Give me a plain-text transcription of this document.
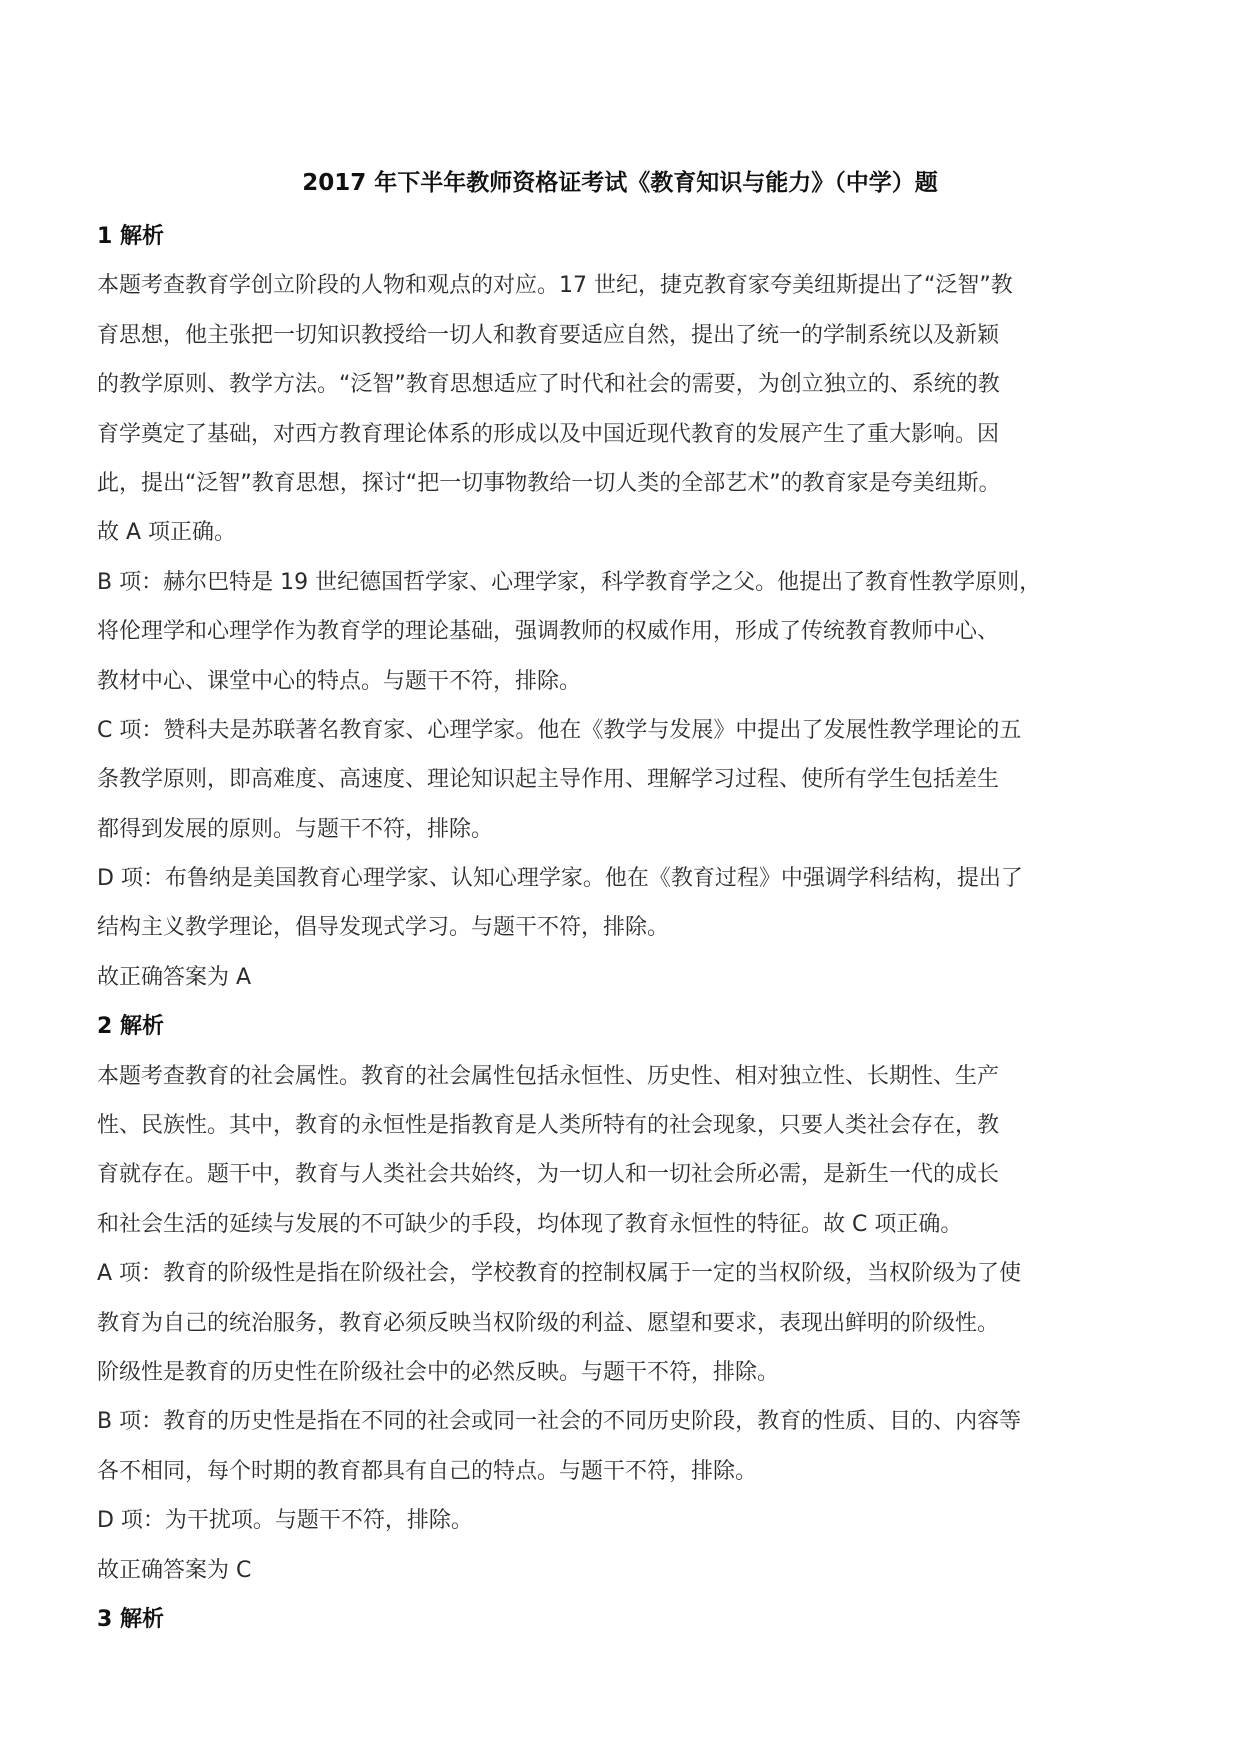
2017 年下半年教师资格证考试《教育知识与能力》（中学）题
1 解析
本题考查教育学创立阶段的人物和观点的对应。17 世纪，捷克教育家夸美纽斯提出了“泛智”教
育思想，他主张把一切知识教授给一切人和教育要适应自然，提出了统一的学制系统以及新颖
的教学原则、教学方法。“泛智”教育思想适应了时代和社会的需要，为创立独立的、系统的教
育学奠定了基础，对西方教育理论体系的形成以及中国近现代教育的发展产生了重大影响。因
此，提出“泛智”教育思想，探讨“把一切事物教给一切人类的全部艺术”的教育家是夸美纽斯。
故 A 项正确。
B 项：赫尔巴特是 19 世纪德国哲学家、心理学家，科学教育学之父。他提出了教育性教学原则，
将伦理学和心理学作为教育学的理论基础，强调教师的权威作用，形成了传统教育教师中心、
教材中心、课堂中心的特点。与题干不符，排除。
C 项：赞科夫是苏联著名教育家、心理学家。他在《教学与发展》中提出了发展性教学理论的五
条教学原则，即高难度、高速度、理论知识起主导作用、理解学习过程、使所有学生包括差生
都得到发展的原则。与题干不符，排除。
D 项：布鲁纳是美国教育心理学家、认知心理学家。他在《教育过程》中强调学科结构，提出了
结构主义教学理论，倡导发现式学习。与题干不符，排除。
故正确答案为 A
2 解析
本题考查教育的社会属性。教育的社会属性包括永恒性、历史性、相对独立性、长期性、生产
性、民族性。其中，教育的永恒性是指教育是人类所特有的社会现象，只要人类社会存在，教
育就存在。题干中，教育与人类社会共始终，为一切人和一切社会所必需，是新生一代的成长
和社会生活的延续与发展的不可缺少的手段，均体现了教育永恒性的特征。故 C 项正确。
A 项：教育的阶级性是指在阶级社会，学校教育的控制权属于一定的当权阶级，当权阶级为了使
教育为自己的统治服务，教育必须反映当权阶级的利益、愿望和要求，表现出鲜明的阶级性。
阶级性是教育的历史性在阶级社会中的必然反映。与题干不符，排除。
B 项：教育的历史性是指在不同的社会或同一社会的不同历史阶段，教育的性质、目的、内容等
各不相同，每个时期的教育都具有自己的特点。与题干不符，排除。
D 项：为干扰项。与题干不符，排除。
故正确答案为 C
3 解析
